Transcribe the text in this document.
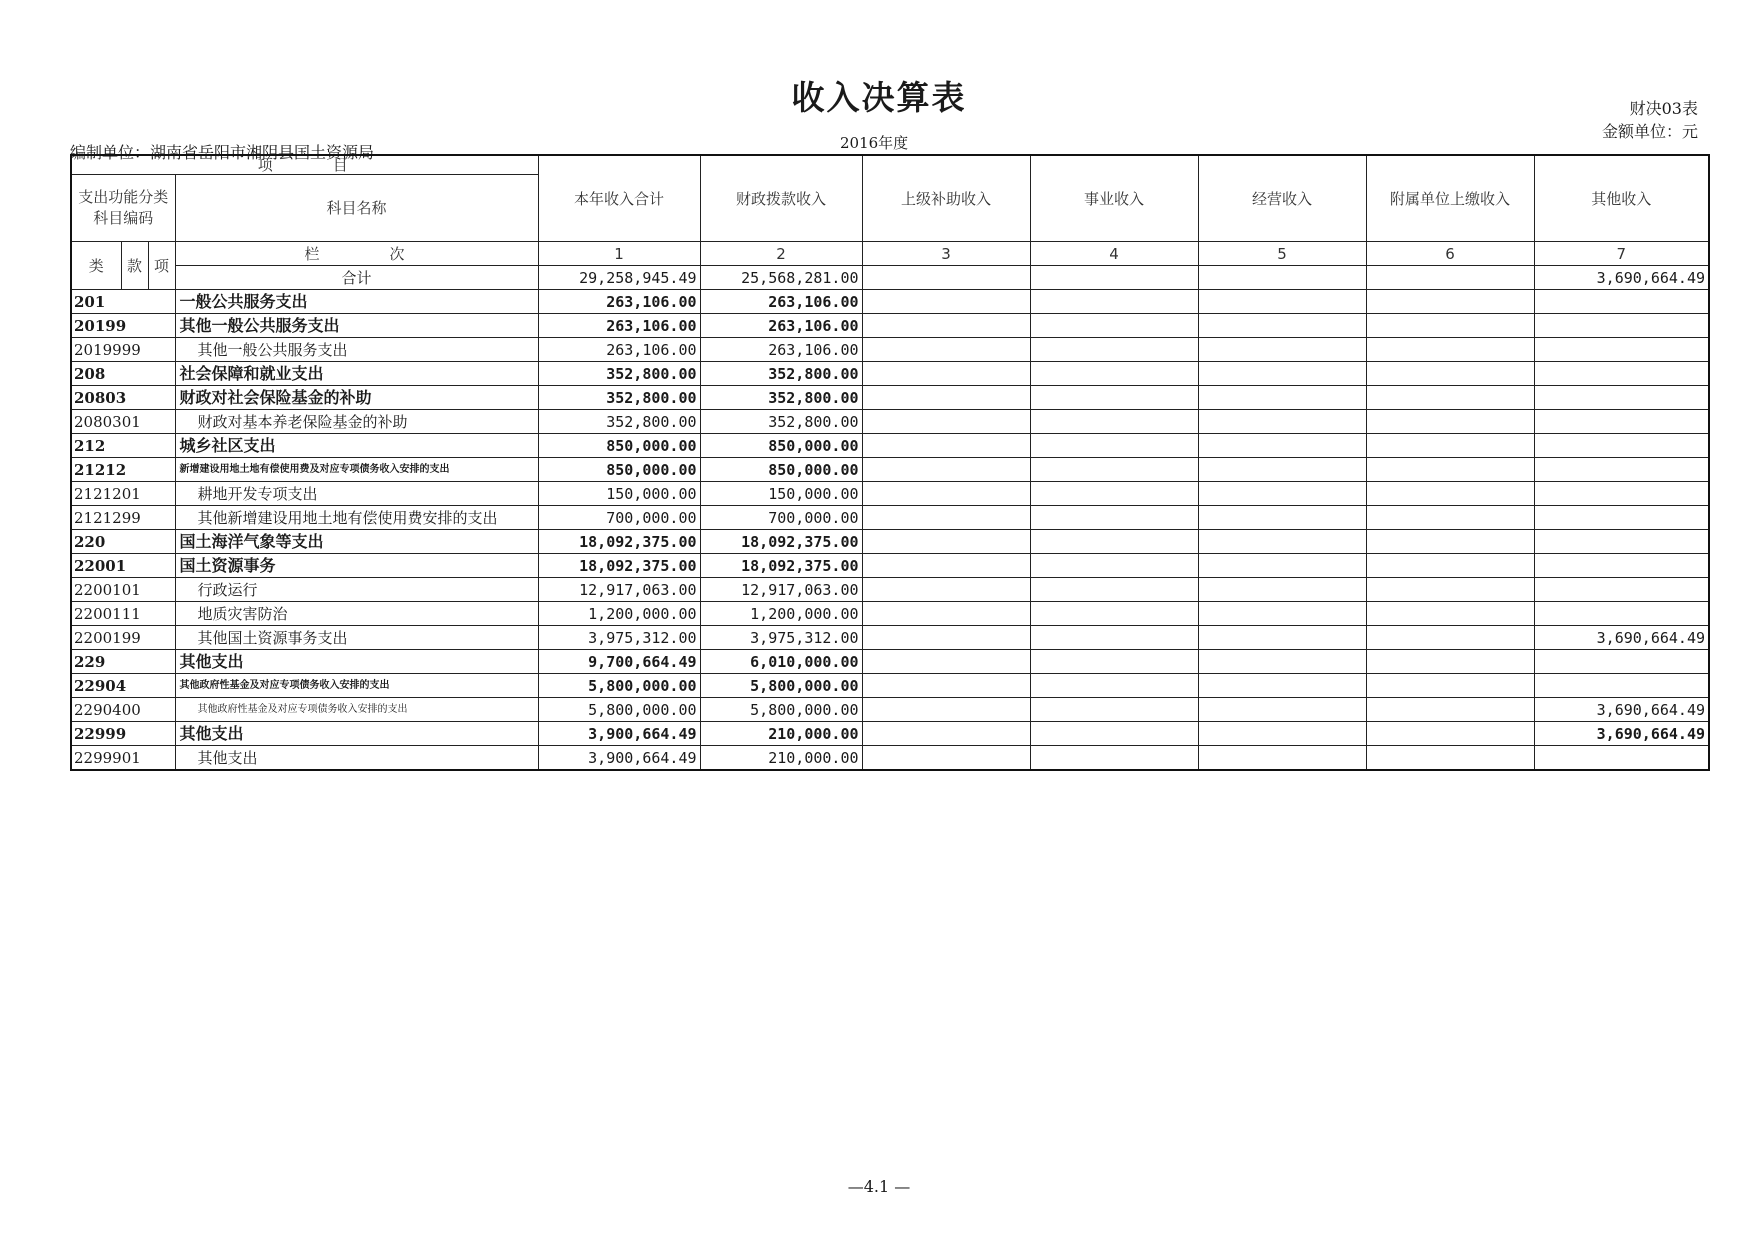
收入决算表	财决03表
金额单位：元
编制单位：湖南省岳阳市湘阴县国土资源局	2016年度
项目				本年收入合计	财政拨款收入	上级补助收入	事业收入	经营收入	附属单位上缴收入	其他收入
支出功能分类科目编码			科目名称							
类	款	项	栏次	1	2	3	4	5	6	7
			合计	29,258,945.49	25,568,281.00					3,690,664.49
201			一般公共服务支出	263,106.00	263,106.00					
20199			其他一般公共服务支出	263,106.00	263,106.00					
2019999			其他一般公共服务支出	263,106.00	263,106.00					
208			社会保障和就业支出	352,800.00	352,800.00					
20803			财政对社会保险基金的补助	352,800.00	352,800.00					
2080301			财政对基本养老保险基金的补助	352,800.00	352,800.00					
212			城乡社区支出	850,000.00	850,000.00					
21212			新增建设用地土地有偿使用费及对应专项债务收入安排的支出	850,000.00	850,000.00					
2121201			耕地开发专项支出	150,000.00	150,000.00					
2121299			其他新增建设用地土地有偿使用费安排的支出	700,000.00	700,000.00					
220			国土海洋气象等支出	18,092,375.00	18,092,375.00					
22001			国土资源事务	18,092,375.00	18,092,375.00					
2200101			行政运行	12,917,063.00	12,917,063.00					
2200111			地质灾害防治	1,200,000.00	1,200,000.00					
2200199			其他国土资源事务支出	3,975,312.00	3,975,312.00					3,690,664.49
229			其他支出	9,700,664.49	6,010,000.00					
22904			其他政府性基金及对应专项债务收入安排的支出	5,800,000.00	5,800,000.00					
2290400			其他政府性基金及对应专项债务收入安排的支出	5,800,000.00	5,800,000.00					3,690,664.49
22999			其他支出	3,900,664.49	210,000.00					3,690,664.49
2299901			其他支出	3,900,664.49	210,000.00					
—4.1 —
